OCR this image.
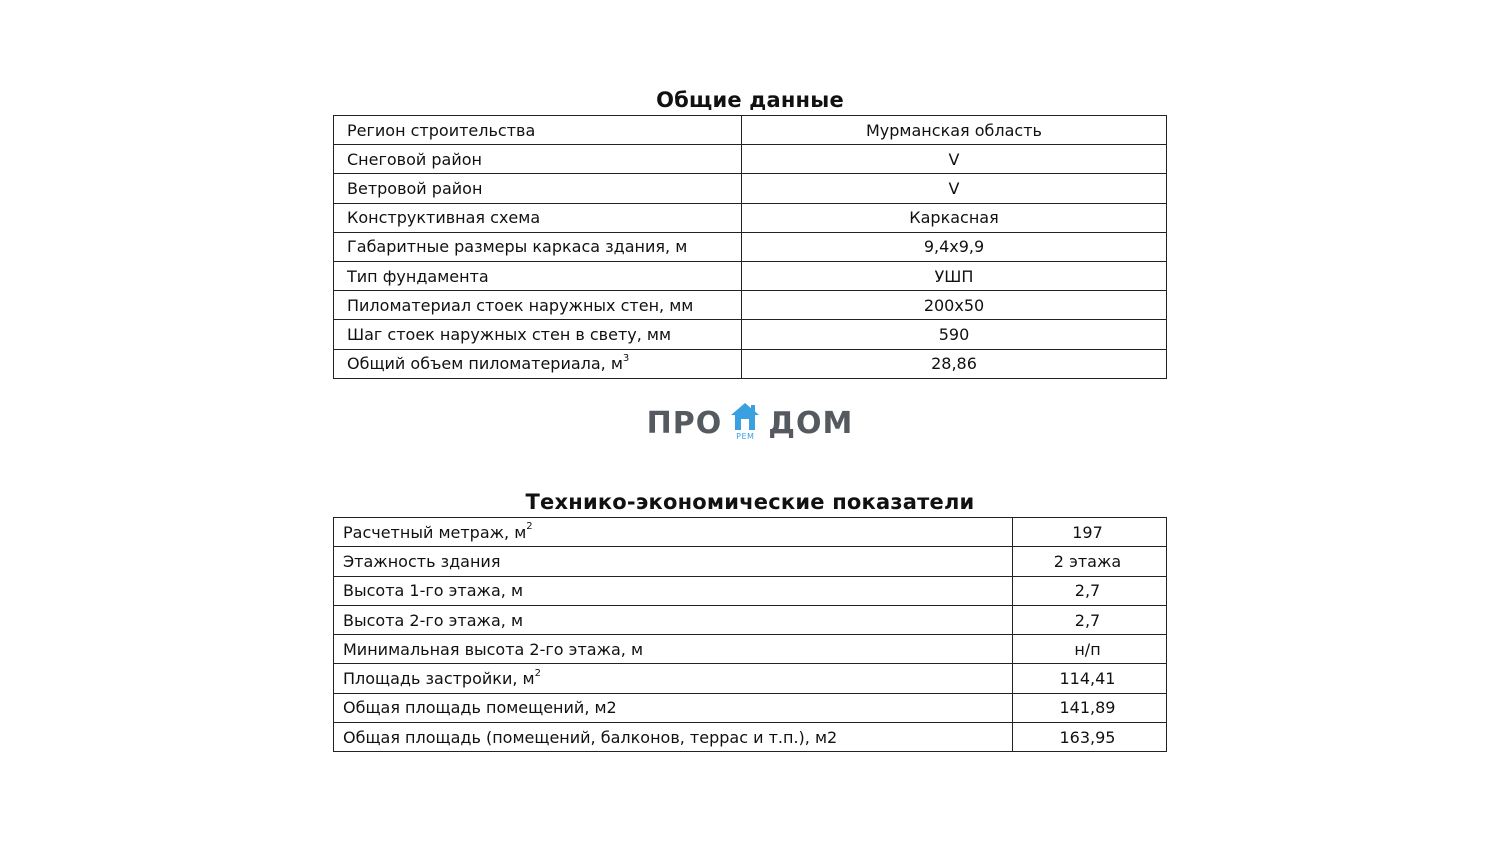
Общие данные
Регион строительства	Мурманская область
Снеговой район	V
Ветровой район	V
Конструктивная схема	Каркасная
Габаритные размеры каркаса здания, м	9,4х9,9
Тип фундамента	УШП
Пиломатериал стоек наружных стен, мм	200х50
Шаг стоек наружных стен в свету, мм	590
Общий объем пиломатериала, $м^3$	28,86
ПРО	РЕМ ДОМ
Технико-экономические показатели
Расчетный метраж, $м^2$	197
Этажность здания	2 этажа
Высота 1-го этажа, м	2,7
Высота 2-го этажа, м	2,7
Минимальная высота 2-го этажа, м	н/п
Площадь застройки, $м^2$	114,41
Общая площадь помещений, м2	141,89
Общая площадь (помещений, балконов, террас и т.п.), м2	163,95
